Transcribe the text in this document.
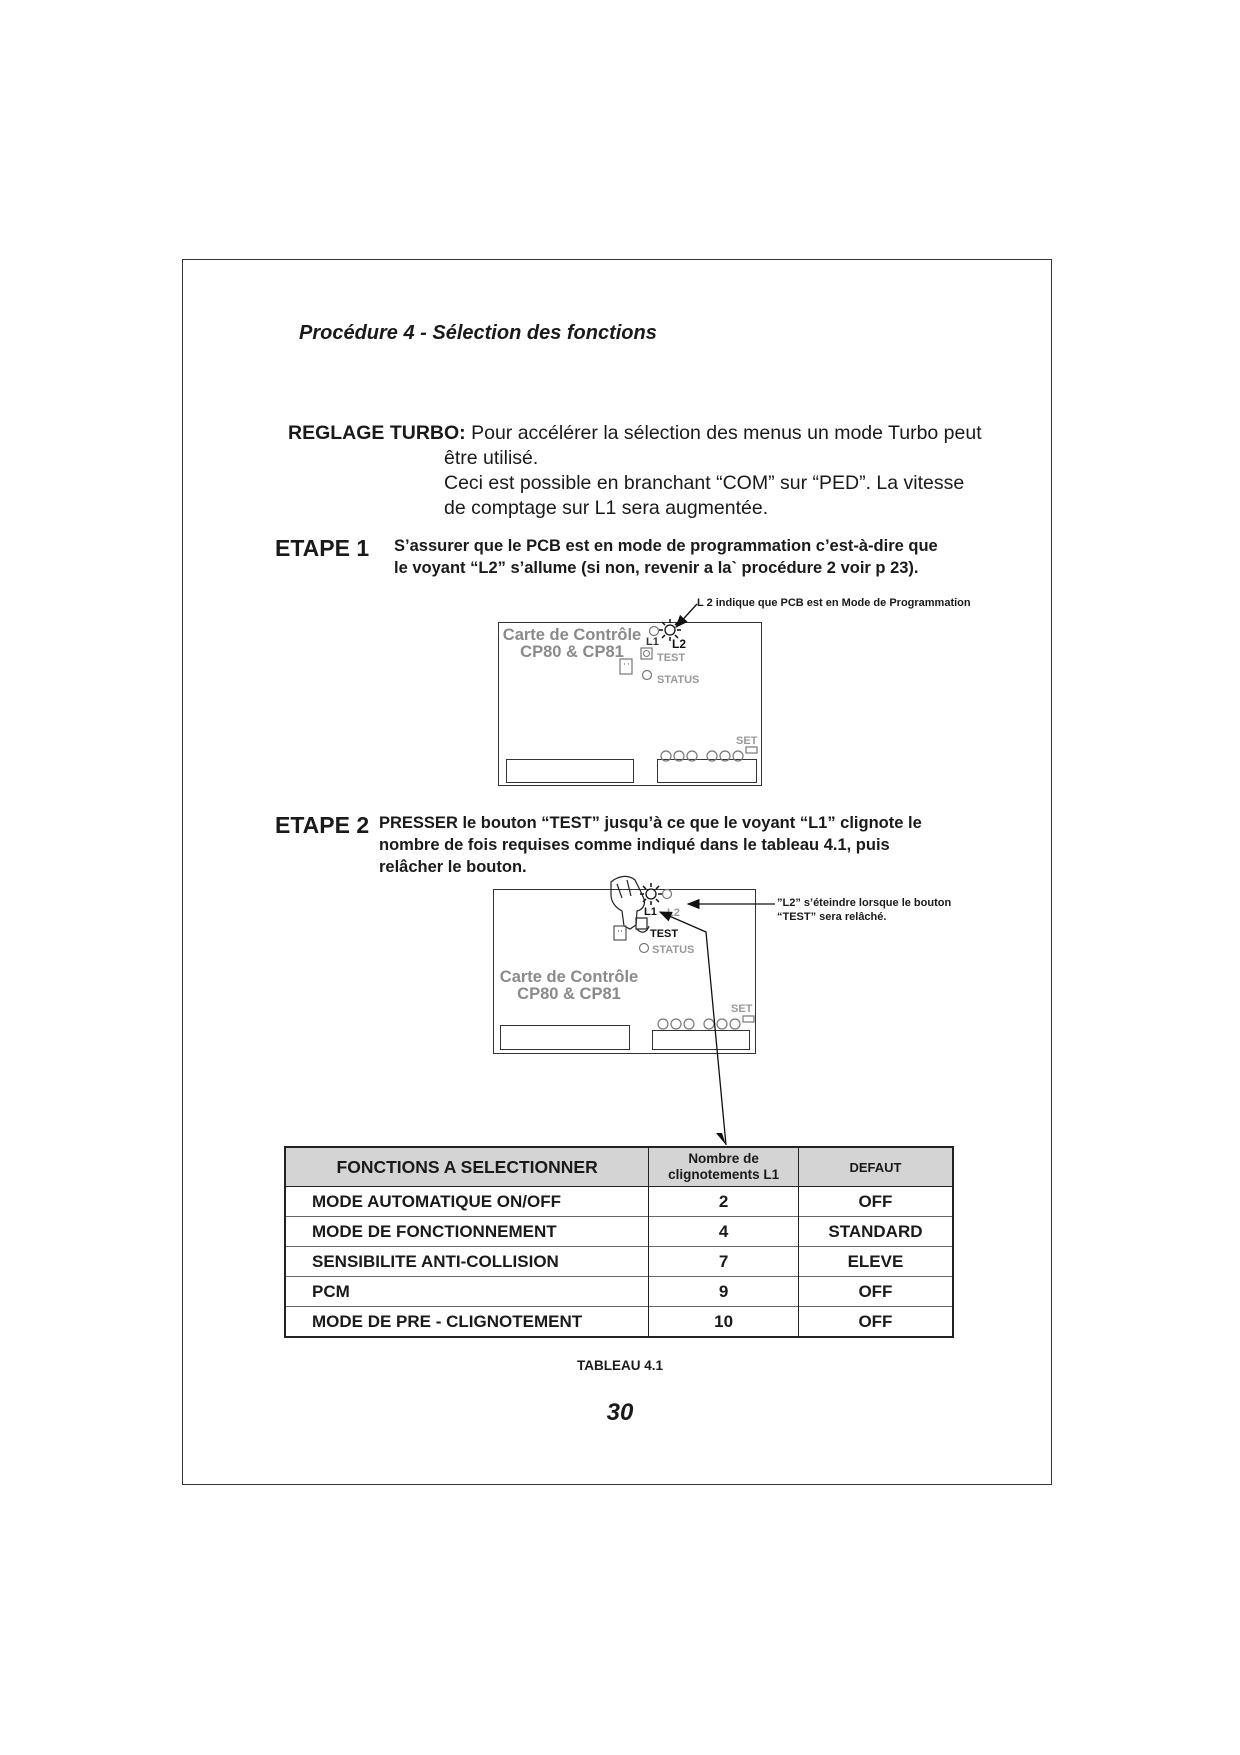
Procédure 4 - Sélection des fonctions
REGLAGE TURBO: Pour accélérer la sélection des menus un mode Turbo peut
être utilisé.
Ceci est possible en branchant “COM” sur “PED”. La vitesse
de comptage sur L1 sera augmentée.
ETAPE 1 S’assurer que le PCB est en mode de programmation c’est-à-dire que
le voyant “L2” s’allume (si non, revenir a la` procédure 2 voir p 23).
L 2 indique que PCB est en Mode de Programmation
Carte de Contrôle
CP80 & CP81
L1 L2
TEST
STATUS
SET
ETAPE 2 PRESSER le bouton “TEST” jusqu’à ce que le voyant “L1” clignote le
nombre de fois requises comme indiqué dans le tableau 4.1, puis
relâcher le bouton.
”L2” s’éteindre lorsque le bouton
“TEST” sera relâché.
L1 L2
TEST
STATUS
Carte de Contrôle
CP80 & CP81
SET
FONCTIONS A SELECTIONNER	Nombre de
clignotements L1	DEFAUT
MODE AUTOMATIQUE ON/OFF	2	OFF
MODE DE FONCTIONNEMENT	4	STANDARD
SENSIBILITE ANTI-COLLISION	7	ELEVE
PCM	9	OFF
MODE DE PRE - CLIGNOTEMENT	10	OFF
TABLEAU 4.1
30
